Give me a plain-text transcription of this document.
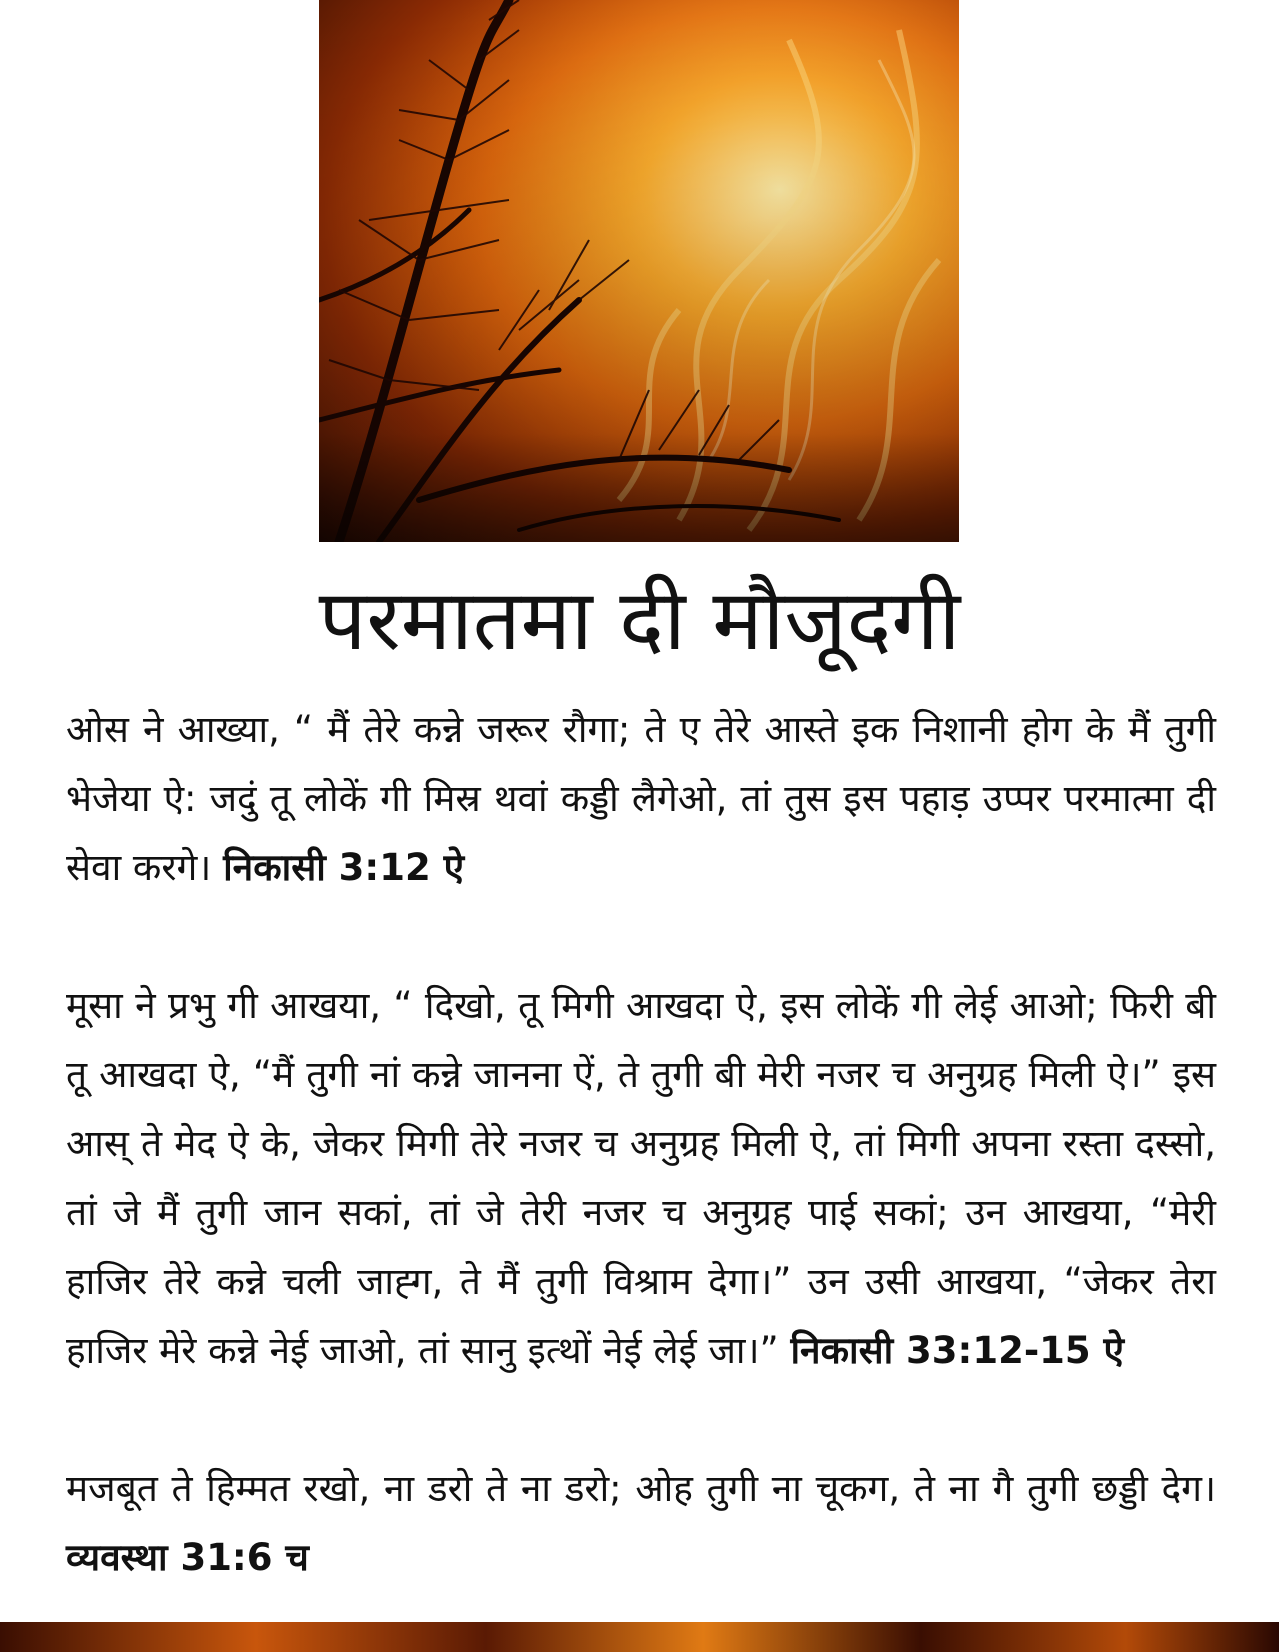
परमातमा दी मौजूदगी

ओस ने आख्या, “ मैं तेरे कन्ने जरूर रौगा; ते ए तेरे आस्ते इक निशानी होग के मैं तुगी भेजेया ऐ: जदुं तू लोकें गी मिस्र थवां कड्डी लैगेओ, तां तुस इस पहाड़ उप्पर परमात्मा दी सेवा करगे। निकासी 3:12 ऐ

मूसा ने प्रभु गी आखया, “ दिखो, तू मिगी आखदा ऐ, इस लोकें गी लेई आओ; फिरी बी तू आखदा ऐ, “मैं तुगी नां कन्ने जानना ऐं, ते तुगी बी मेरी नजर च अनुग्रह मिली ऐ।” इस आस् ते मेद ऐ के, जेकर मिगी तेरे नजर च अनुग्रह मिली ऐ, तां मिगी अपना रस्ता दस्सो, तां जे मैं तुगी जान सकां, तां जे तेरी नजर च अनुग्रह पाई सकां; उन आखया, “मेरी हाजिर तेरे कन्ने चली जाह्ग, ते मैं तुगी विश्राम देगा।” उन उसी आखया, “जेकर तेरा हाजिर मेरे कन्ने नेई जाओ, तां सानु इत्थों नेई लेई जा।” निकासी 33:12-15 ऐ

मजबूत ते हिम्मत रखो, ना डरो ते ना डरो; ओह तुगी ना चूकग, ते ना गै तुगी छड्डी देग। व्यवस्था 31:6 च
